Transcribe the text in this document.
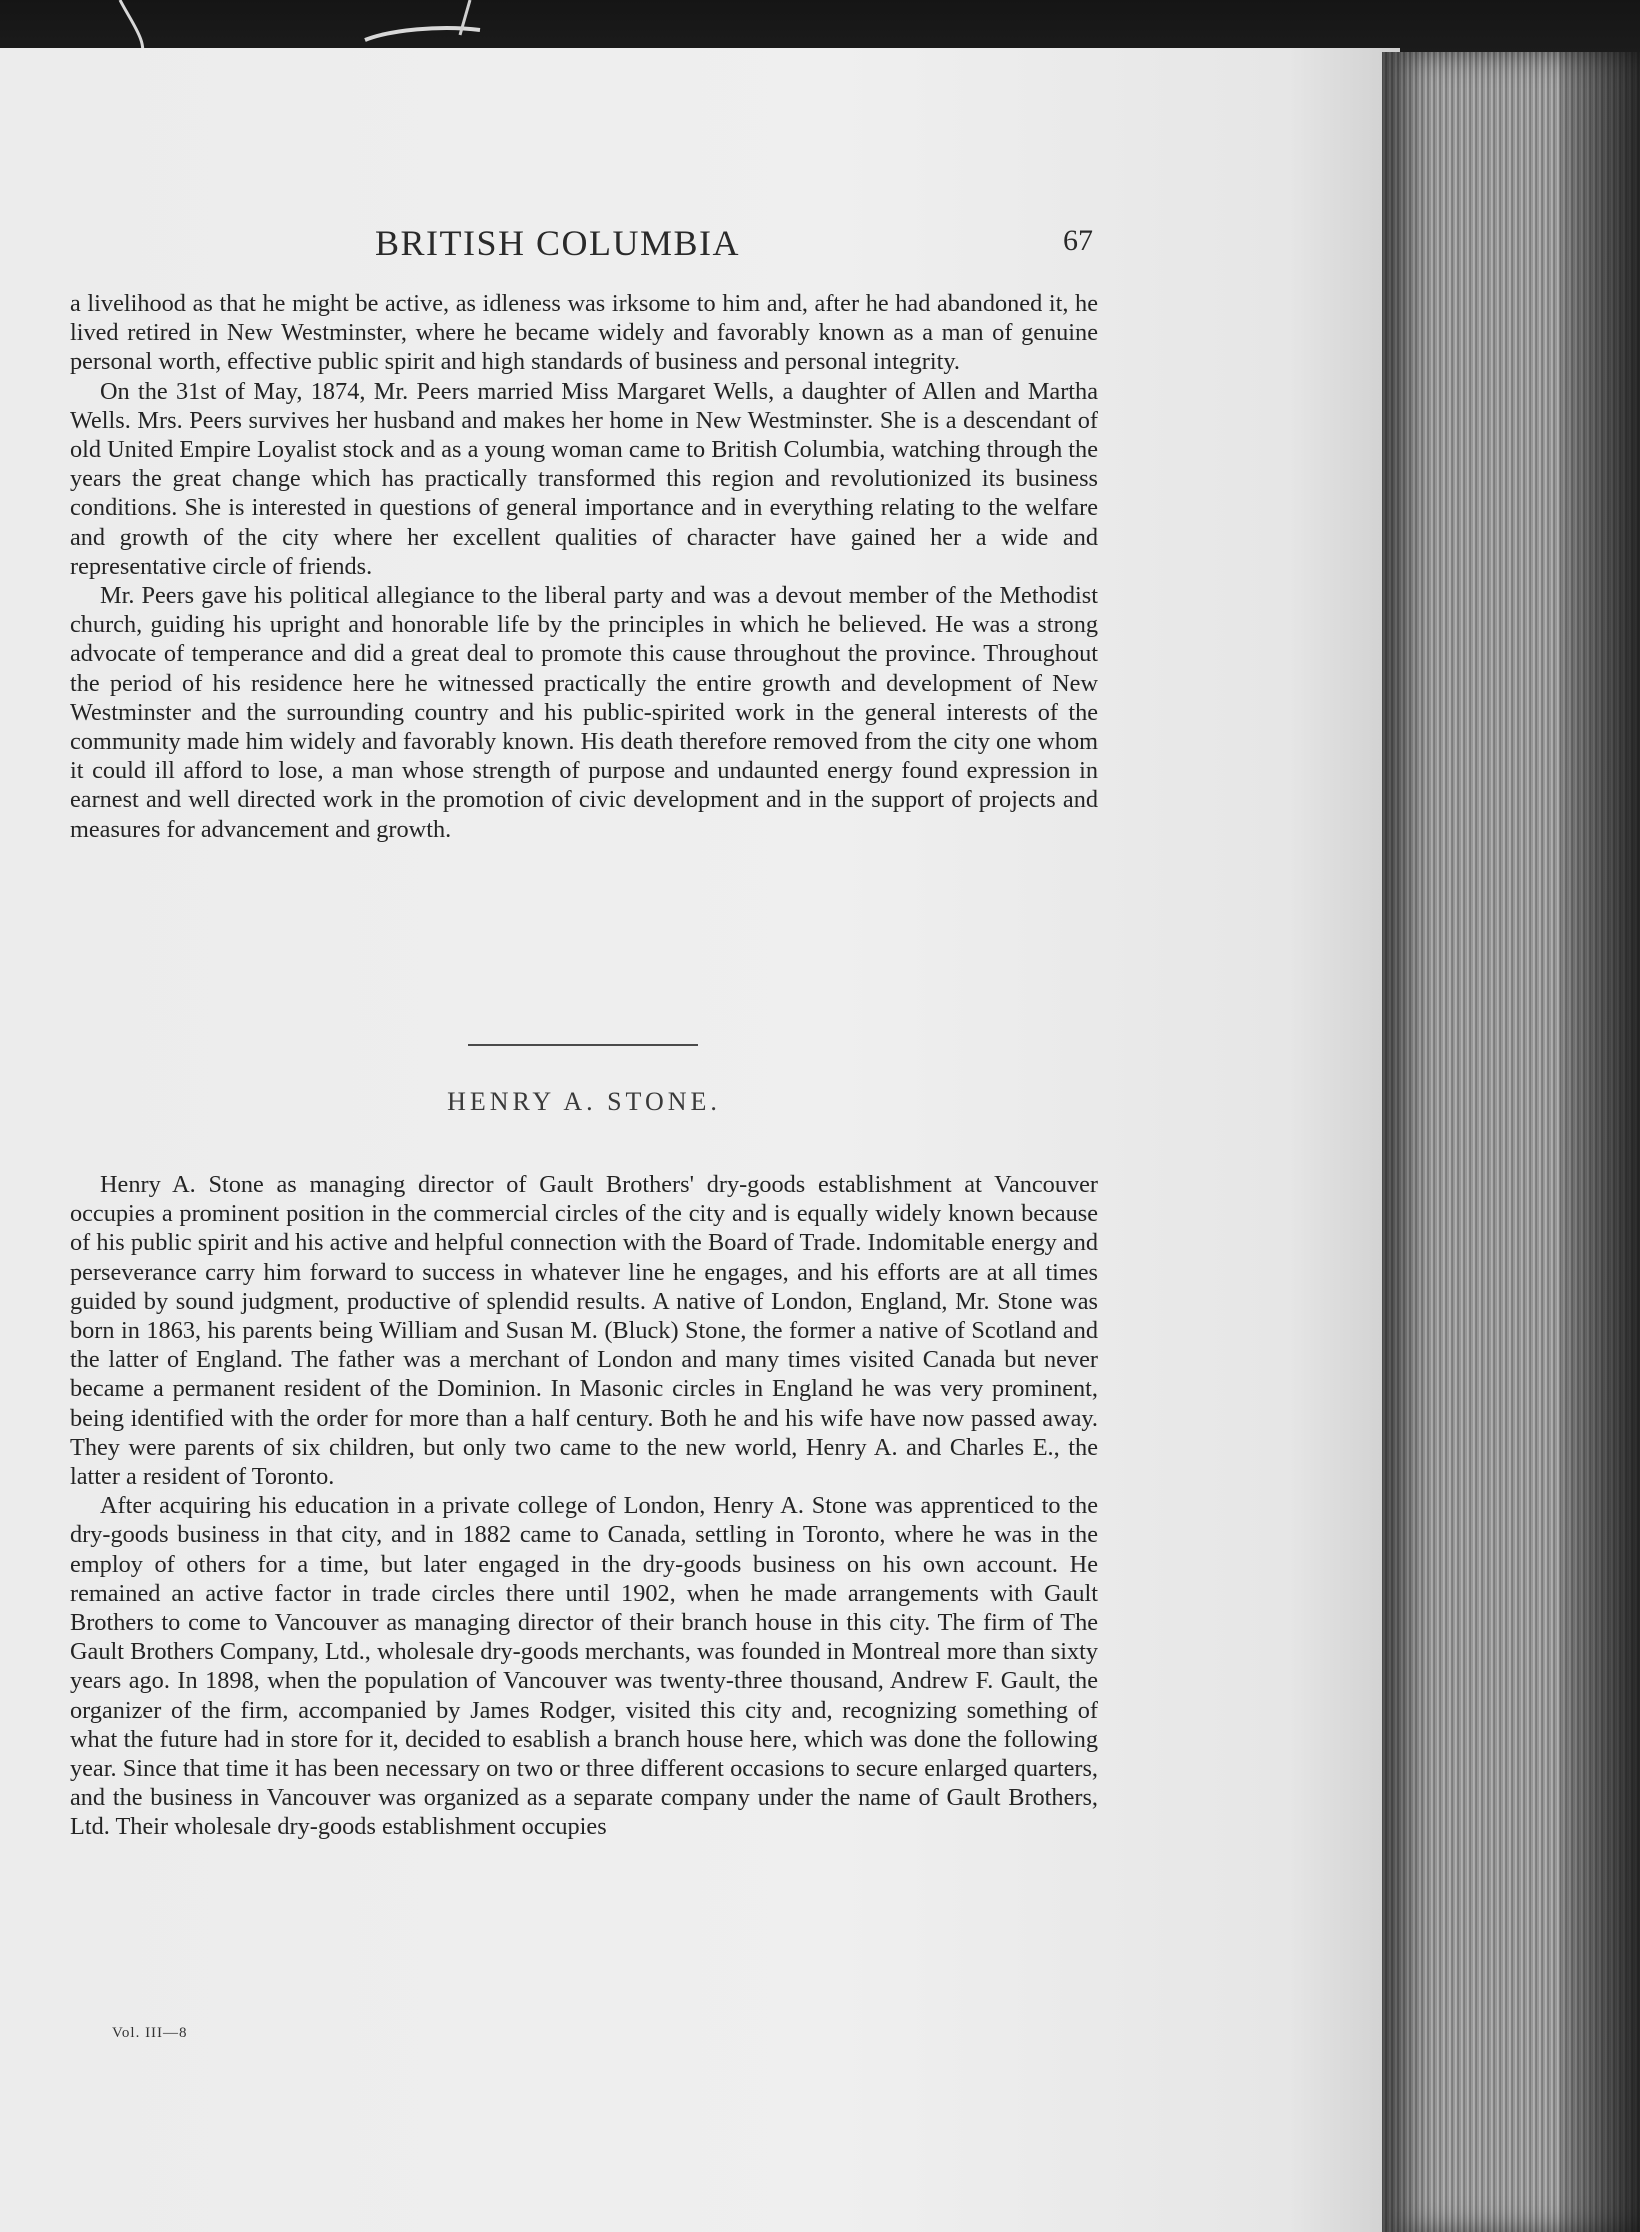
BRITISH COLUMBIA	67

a livelihood as that he might be active, as idleness was irksome to him and, after he had abandoned it, he lived retired in New Westminster, where he became widely and favorably known as a man of genuine personal worth, effective public spirit and high standards of business and personal integrity.

On the 31st of May, 1874, Mr. Peers married Miss Margaret Wells, a daughter of Allen and Martha Wells. Mrs. Peers survives her husband and makes her home in New Westminster. She is a descendant of old United Empire Loyalist stock and as a young woman came to British Columbia, watching through the years the great change which has practically transformed this region and revolutionized its business conditions. She is interested in questions of general importance and in everything relating to the welfare and growth of the city where her excellent qualities of character have gained her a wide and representative circle of friends.

Mr. Peers gave his political allegiance to the liberal party and was a devout member of the Methodist church, guiding his upright and honorable life by the principles in which he believed. He was a strong advocate of temperance and did a great deal to promote this cause throughout the province. Throughout the period of his residence here he witnessed practically the entire growth and development of New Westminster and the surrounding country and his public-spirited work in the general interests of the community made him widely and favorably known. His death therefore removed from the city one whom it could ill afford to lose, a man whose strength of purpose and undaunted energy found expression in earnest and well directed work in the promotion of civic development and in the support of projects and measures for advancement and growth.

HENRY A. STONE.

Henry A. Stone as managing director of Gault Brothers' dry-goods establishment at Vancouver occupies a prominent position in the commercial circles of the city and is equally widely known because of his public spirit and his active and helpful connection with the Board of Trade. Indomitable energy and perseverance carry him forward to success in whatever line he engages, and his efforts are at all times guided by sound judgment, productive of splendid results. A native of London, England, Mr. Stone was born in 1863, his parents being William and Susan M. (Bluck) Stone, the former a native of Scotland and the latter of England. The father was a merchant of London and many times visited Canada but never became a permanent resident of the Dominion. In Masonic circles in England he was very prominent, being identified with the order for more than a half century. Both he and his wife have now passed away. They were parents of six children, but only two came to the new world, Henry A. and Charles E., the latter a resident of Toronto.

After acquiring his education in a private college of London, Henry A. Stone was apprenticed to the dry-goods business in that city, and in 1882 came to Canada, settling in Toronto, where he was in the employ of others for a time, but later engaged in the dry-goods business on his own account. He remained an active factor in trade circles there until 1902, when he made arrangements with Gault Brothers to come to Vancouver as managing director of their branch house in this city. The firm of The Gault Brothers Company, Ltd., wholesale dry-goods merchants, was founded in Montreal more than sixty years ago. In 1898, when the population of Vancouver was twenty-three thousand, Andrew F. Gault, the organizer of the firm, accompanied by James Rodger, visited this city and, recognizing something of what the future had in store for it, decided to esablish a branch house here, which was done the following year. Since that time it has been necessary on two or three different occasions to secure enlarged quarters, and the business in Vancouver was organized as a separate company under the name of Gault Brothers, Ltd. Their wholesale dry-goods establishment occupies

Vol. III—8
